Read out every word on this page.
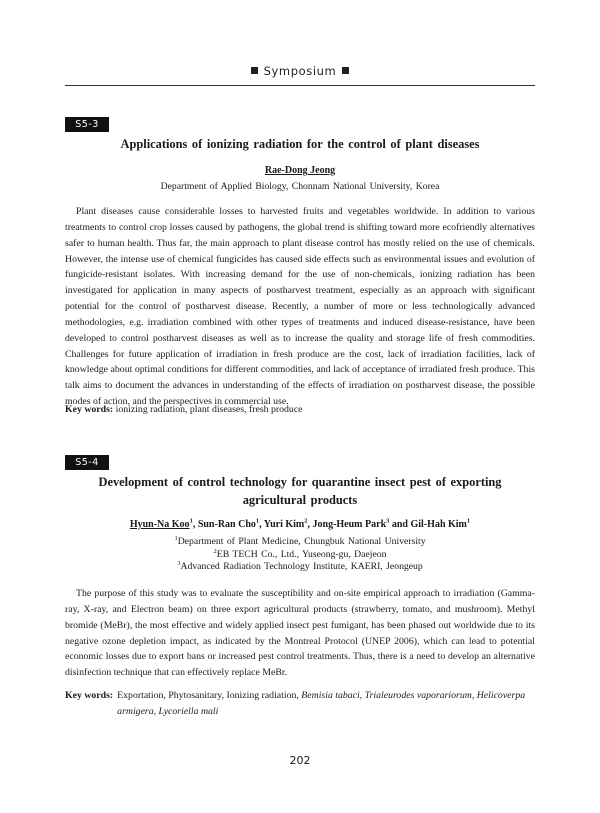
Symposium
S5-3
Applications of ionizing radiation for the control of plant diseases
Rae-Dong Jeong
Department of Applied Biology, Chonnam National University, Korea

Plant diseases cause considerable losses to harvested fruits and vegetables worldwide. In addition to various treatments to control crop losses caused by pathogens, the global trend is shifting toward more ecofriendly alternatives safer to human health. Thus far, the main approach to plant disease control has mostly relied on the use of chemicals. However, the intense use of chemical fungicides has caused side effects such as environmental issues and evolution of fungicide-resistant isolates. With increasing demand for the use of non-chemicals, ionizing radiation has been investigated for application in many aspects of postharvest treatment, especially as an approach with significant potential for the control of postharvest disease. Recently, a number of more or less technologically advanced methodologies, e.g. irradiation combined with other types of treatments and induced disease-resistance, have been developed to control postharvest diseases as well as to increase the quality and storage life of fresh commodities. Challenges for future application of irradiation in fresh produce are the cost, lack of irradiation facilities, lack of knowledge about optimal conditions for different commodities, and lack of acceptance of irradiated fresh produce. This talk aims to document the advances in understanding of the effects of irradiation on postharvest disease, the possible modes of action, and the perspectives in commercial use.

Key words: ionizing radiation, plant diseases, fresh produce
S5-4
Development of control technology for quarantine insect pest of exporting agricultural products
Hyun-Na Koo$^1$, Sun-Ran Cho$^1$, Yuri Kim$^2$, Jong-Heum Park$^3$ and Gil-Hah Kim$^1$
$^1$Department of Plant Medicine, Chungbuk National University
$^2$EB TECH Co., Ltd., Yuseong-gu, Daejeon
$^3$Advanced Radiation Technology Institute, KAERI, Jeongeup

The purpose of this study was to evaluate the susceptibility and on-site empirical approach to irradiation (Gamma-ray, X-ray, and Electron beam) on three export agricultural products (strawberry, tomato, and mushroom). Methyl bromide (MeBr), the most effective and widely applied insect pest fumigant, has been phased out worldwide due to its negative ozone depletion impact, as indicated by the Montreal Protocol (UNEP 2006), which can lead to potential economic losses due to export bans or increased pest control treatments. Thus, there is a need to develop an alternative disinfection technique that can effectively replace MeBr.

Key words: Exportation, Phytosanitary, Ionizing radiation, Bemisia tabaci, Trialeurodes vaporariorum, Helicoverpa armigera, Lycoriella mali
202
